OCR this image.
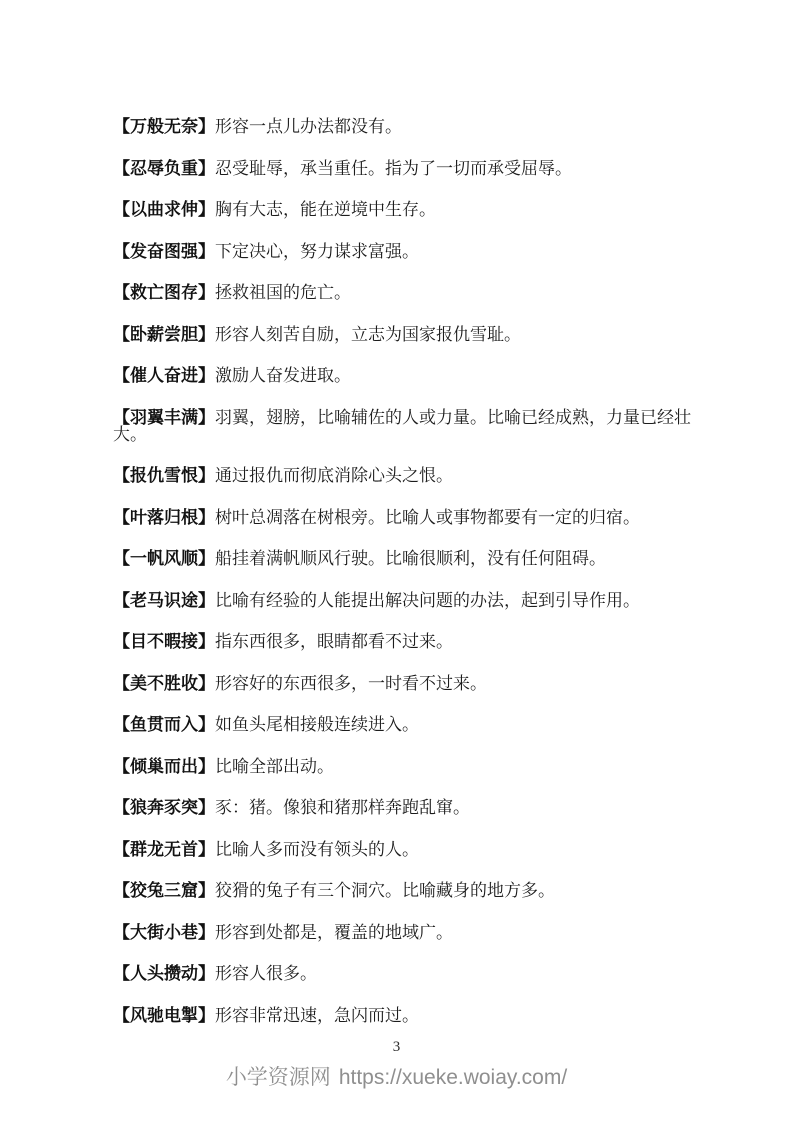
【万般无奈】形容一点儿办法都没有。

【忍辱负重】忍受耻辱，承当重任。指为了一切而承受屈辱。

【以曲求伸】胸有大志，能在逆境中生存。

【发奋图强】下定决心，努力谋求富强。

【救亡图存】拯救祖国的危亡。

【卧薪尝胆】形容人刻苦自励，立志为国家报仇雪耻。

【催人奋进】激励人奋发进取。

【羽翼丰满】羽翼，翅膀，比喻辅佐的人或力量。比喻已经成熟，力量已经壮大。

【报仇雪恨】通过报仇而彻底消除心头之恨。

【叶落归根】树叶总凋落在树根旁。比喻人或事物都要有一定的归宿。

【一帆风顺】船挂着满帆顺风行驶。比喻很顺利，没有任何阻碍。

【老马识途】比喻有经验的人能提出解决问题的办法，起到引导作用。

【目不暇接】指东西很多，眼睛都看不过来。

【美不胜收】形容好的东西很多，一时看不过来。

【鱼贯而入】如鱼头尾相接般连续进入。

【倾巢而出】比喻全部出动。

【狼奔豕突】豕：猪。像狼和猪那样奔跑乱窜。

【群龙无首】比喻人多而没有领头的人。

【狡兔三窟】狡猾的兔子有三个洞穴。比喻藏身的地方多。

【大街小巷】形容到处都是，覆盖的地域广。

【人头攒动】形容人很多。

【风驰电掣】形容非常迅速，急闪而过。

3
小学资源网 https://xueke.woiay.com/
